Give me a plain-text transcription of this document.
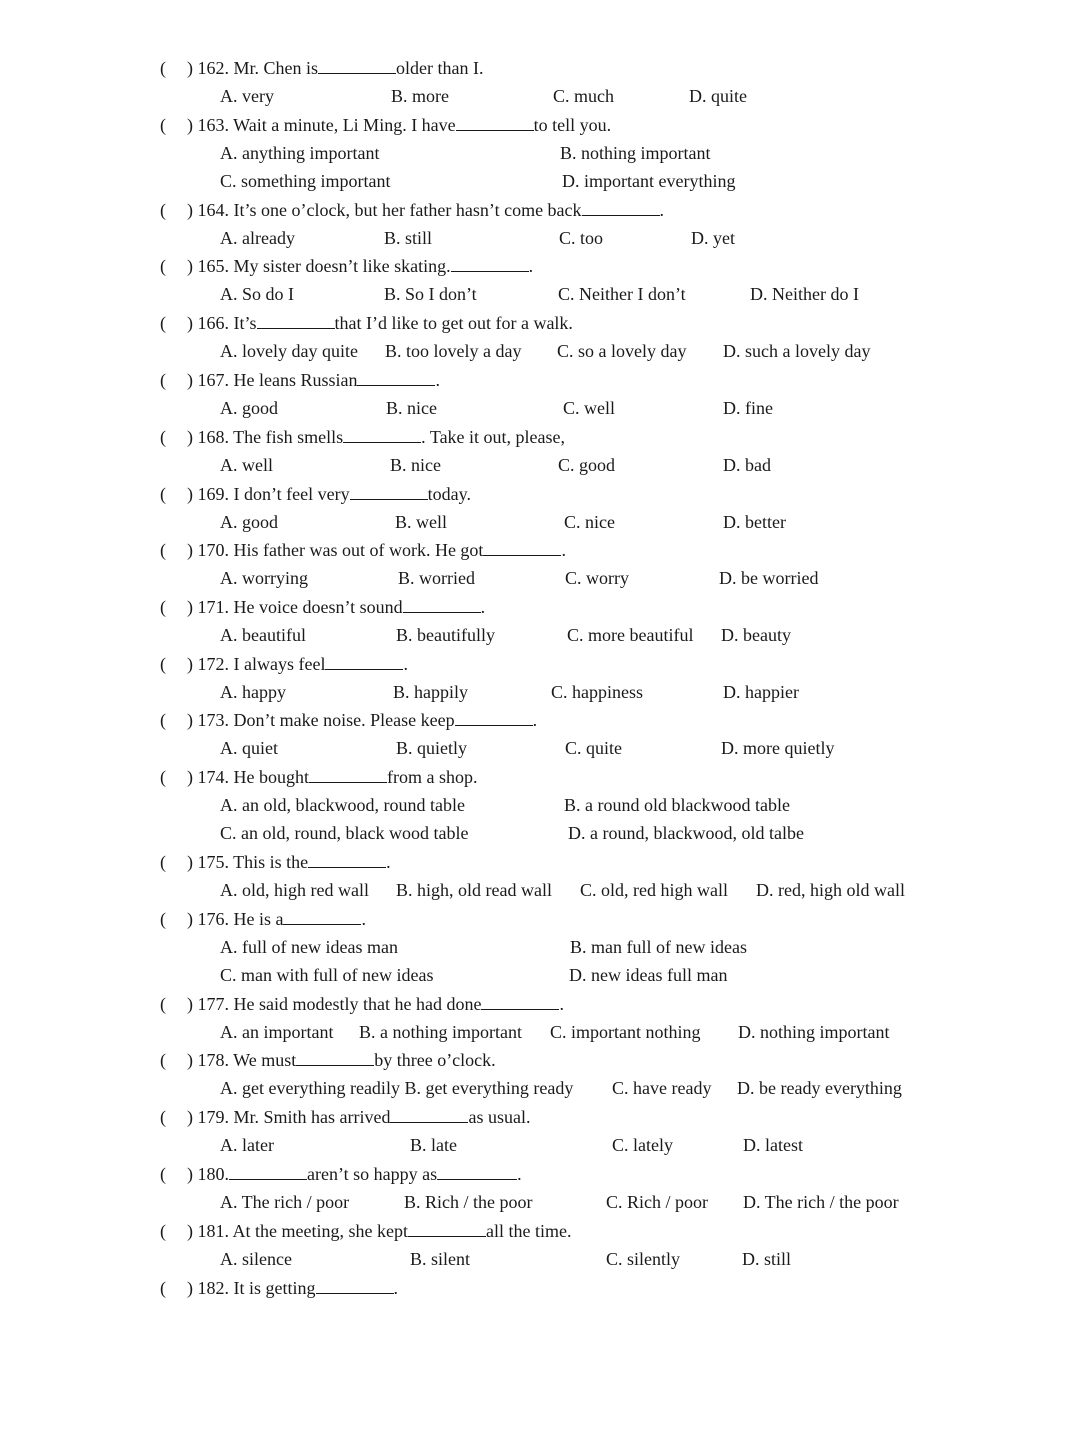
( ) 162. Mr. Chen is	older than I.
A. very	B. more	C. much	D. quite
( ) 163. Wait a minute, Li Ming. I have	to tell you.
A. anything important	B. nothing important
C. something important	D. important everything
( ) 164. It’s one o’clock, but her father hasn’t come back	.
A. already	B. still	C. too	D. yet
( ) 165. My sister doesn’t like skating.	.
A. So do I	B. So I don’t	C. Neither I don’t	D. Neither do I
( ) 166. It’s	that I’d like to get out for a walk.
A. lovely day quite B. too lovely a day C. so a lovely day D. such a lovely day
( ) 167. He leans Russian	.
A. good	B. nice	C. well	D. fine
( ) 168. The fish smells	. Take it out, please,
A. well	B. nice	C. good	D. bad
( ) 169. I don’t feel very	today.
A. good	B. well	C. nice	D. better
( ) 170. His father was out of work. He got	.
A. worrying	B. worried	C. worry	D. be worried
( ) 171. He voice doesn’t sound	.
A. beautiful	B. beautifully	C. more beautiful D. beauty
( ) 172. I always feel	.
A. happy	B. happily	C. happiness	D. happier
( ) 173. Don’t make noise. Please keep	.
A. quiet	B. quietly	C. quite	D. more quietly
( ) 174. He bought	from a shop.
A. an old, blackwood, round table	B. a round old blackwood table
C. an old, round, black wood table	D. a round, blackwood, old talbe
( ) 175. This is the	.
A. old, high red wall B. high, old read wall C. old, red high wall D. red, high old wall
( ) 176. He is a	.
A. full of new ideas man	B. man full of new ideas
C. man with full of new ideas	D. new ideas full man
( ) 177. He said modestly that he had done	.
A. an important B. a nothing important C. important nothing D. nothing important
( ) 178. We must	by three o’clock.
A. get everything readily B. get everything ready C. have ready D. be ready everything
( ) 179. Mr. Smith has arrived	as usual.
A. later	B. late	C. lately	D. latest
( ) 180.	aren’t so happy as	.
A. The rich / poor	B. Rich / the poor	C. Rich / poor D. The rich / the poor
( ) 181. At the meeting, she kept	all the time.
A. silence	B. silent	C. silently	D. still
( ) 182. It is getting	.
